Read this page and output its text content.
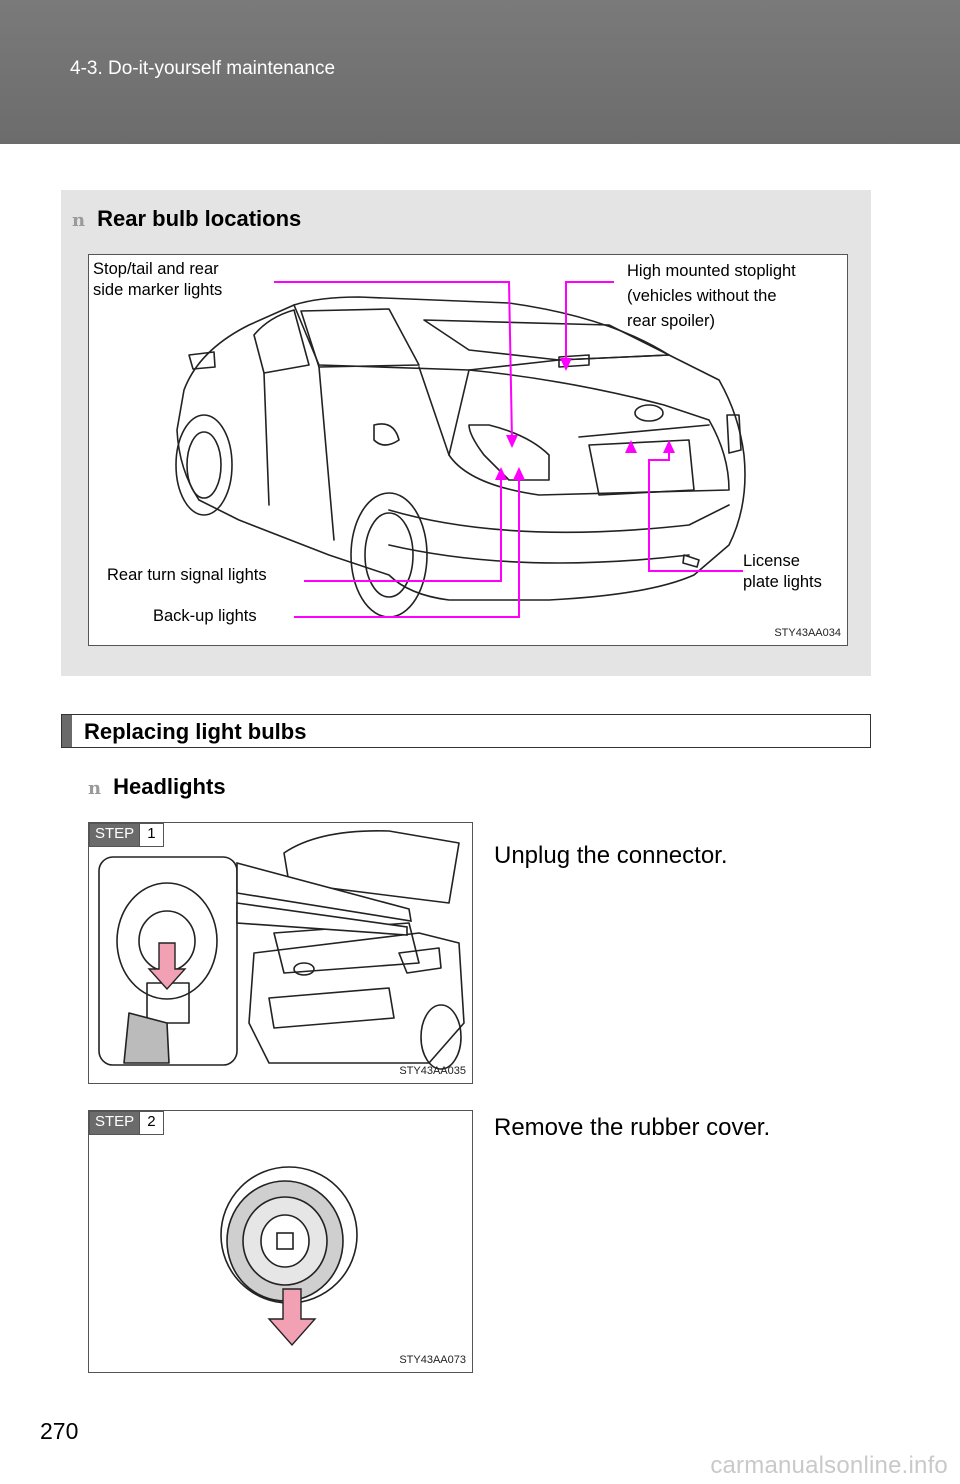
4-3. Do-it-yourself maintenance
n Rear bulb locations
Stop/tail and rear
side marker lights
High mounted stoplight
(vehicles without the
rear spoiler)
Rear turn signal lights
Back-up lights
License
plate lights
STY43AA034
Replacing light bulbs
n Headlights
STEP 1
STY43AA035
Unplug the connector.
STEP 2
STY43AA073
Remove the rubber cover.
270
carmanualsonline.info
